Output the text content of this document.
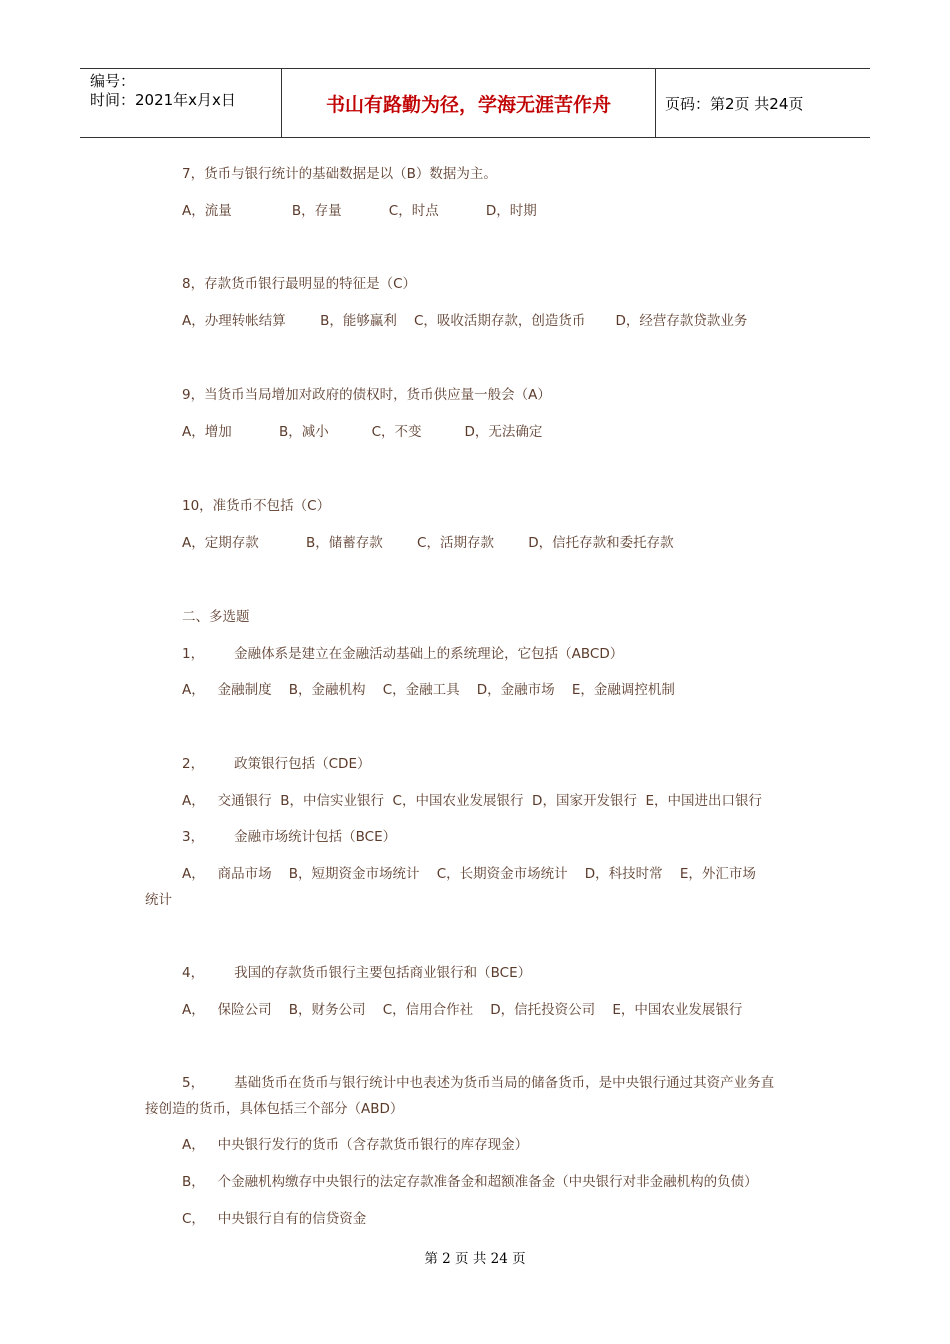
编号：
时间：2021年x月x日	书山有路勤为径，学海无涯苦作舟	页码：第2页 共24页
7，货币与银行统计的基础数据是以（B）数据为主。
A，流量              B，存量           C，时点           D，时期
8，存款货币银行最明显的特征是（C）
A，办理转帐结算        B，能够赢利    C，吸收活期存款，创造货币       D，经营存款贷款业务
9，当货币当局增加对政府的债权时，货币供应量一般会（A）
A，增加           B，减小          C，不变          D，无法确定
10，准货币不包括（C）
A，定期存款           B，储蓄存款        C，活期存款        D，信托存款和委托存款
二、多选题
1，       金融体系是建立在金融活动基础上的系统理论，它包括（ABCD）
A，   金融制度    B，金融机构    C，金融工具    D，金融市场    E，金融调控机制
2，       政策银行包括（CDE）
A，   交通银行  B，中信实业银行  C，中国农业发展银行  D，国家开发银行  E，中国进出口银行
3，       金融市场统计包括（BCE）
A，   商品市场    B，短期资金市场统计    C，长期资金市场统计    D，科技时常    E，外汇市场
统计
4，       我国的存款货币银行主要包括商业银行和（BCE）
A，   保险公司    B，财务公司    C，信用合作社    D，信托投资公司    E，中国农业发展银行
5，       基础货币在货币与银行统计中也表述为货币当局的储备货币，是中央银行通过其资产业务直
接创造的货币，具体包括三个部分（ABD）
A，   中央银行发行的货币（含存款货币银行的库存现金）
B，   个金融机构缴存中央银行的法定存款准备金和超额准备金（中央银行对非金融机构的负债）
C，   中央银行自有的信贷资金
第 2 页 共 24 页
